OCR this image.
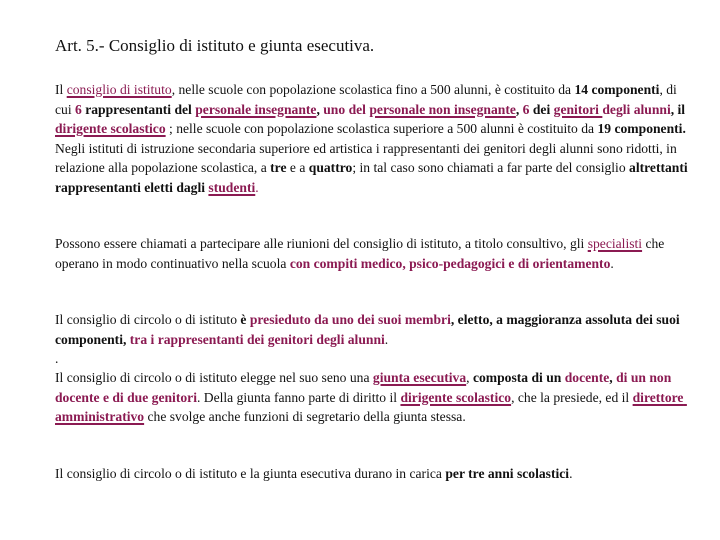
Art. 5.- Consiglio di istituto e giunta esecutiva.

Il consiglio di istituto, nelle scuole con popolazione scolastica fino a 500 alunni, è costituito da 14 componenti, di cui 6 rappresentanti del personale insegnante, uno del personale non insegnante, 6 dei genitori degli alunni, il dirigente scolastico ; nelle scuole con popolazione scolastica superiore a 500 alunni è costituito da 19 componenti. Negli istituti di istruzione secondaria superiore ed artistica i rappresentanti dei genitori degli alunni sono ridotti, in relazione alla popolazione scolastica, a tre e a quattro; in tal caso sono chiamati a far parte del consiglio altrettanti rappresentanti eletti dagli studenti.

Possono essere chiamati a partecipare alle riunioni del consiglio di istituto, a titolo consultivo, gli specialisti che operano in modo continuativo nella scuola con compiti medico, psico-pedagogici e di orientamento.

Il consiglio di circolo o di istituto è presieduto da uno dei suoi membri, eletto, a maggioranza assoluta dei suoi componenti, tra i rappresentanti dei genitori degli alunni.

.

Il consiglio di circolo o di istituto elegge nel suo seno una giunta esecutiva, composta di un docente, di un non docente e di due genitori. Della giunta fanno parte di diritto il dirigente scolastico, che la presiede, ed il direttore amministrativo che svolge anche funzioni di segretario della giunta stessa.

Il consiglio di circolo o di istituto e la giunta esecutiva durano in carica per tre anni scolastici.
